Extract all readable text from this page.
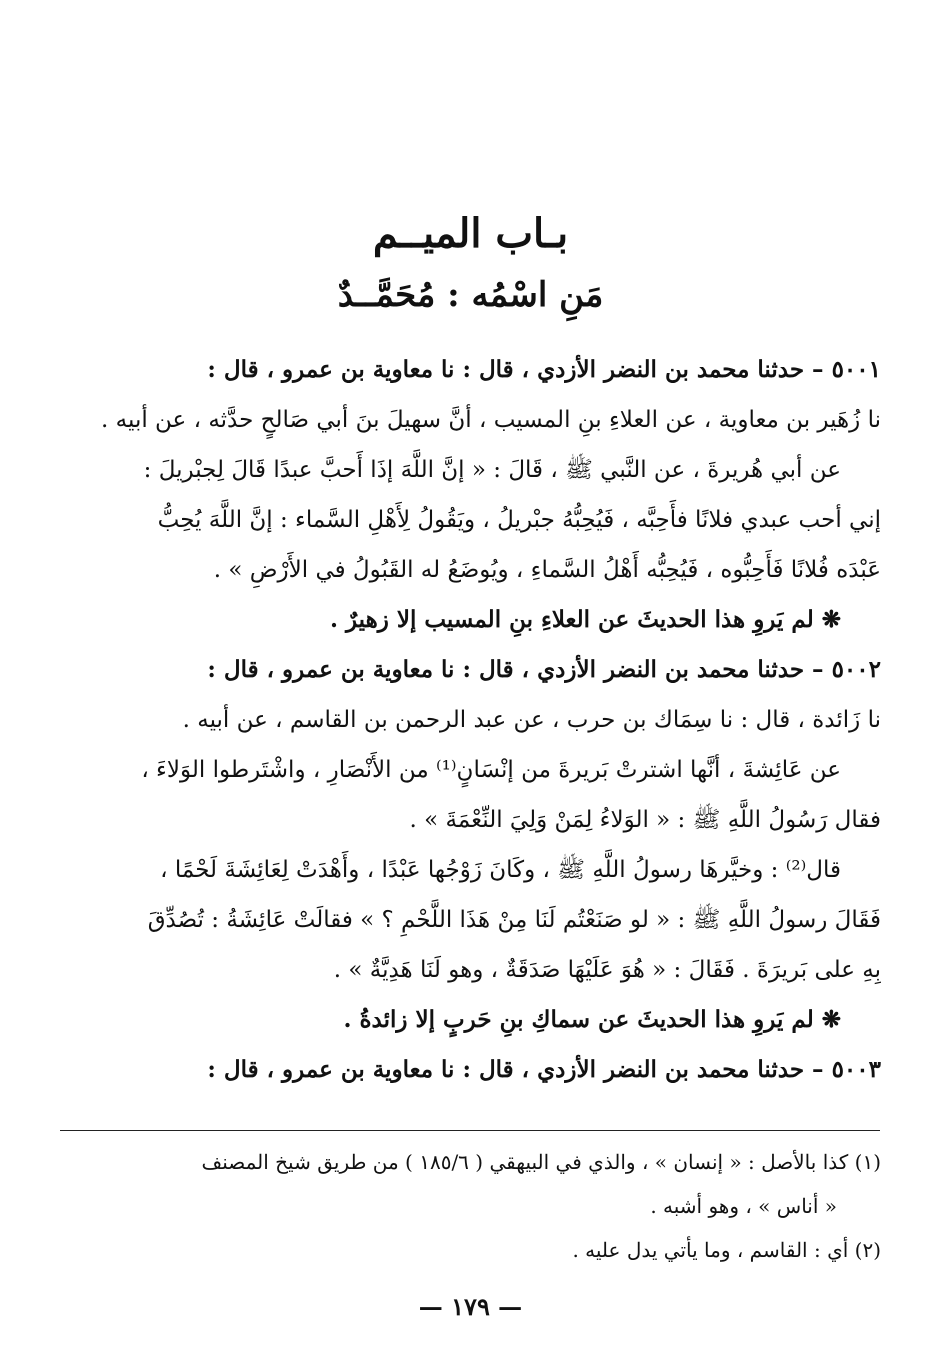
بـاب الميــم
مَنِ اسْمُه : مُحَمَّــدٌ
٥٠٠١ – حدثنا محمد بن النضر الأزدي ، قال : نا معاوية بن عمرو ، قال :
نا زُهَير بن معاوية ، عن العلاءِ بنِ المسيب ، أنَّ سهيلَ بنَ أبي صَالحٍ حدَّثه ، عن أبيه .
عن أبي هُريرةَ ، عن النَّبي ﷺ ، قَالَ : « إنَّ اللَّهَ إذَا أَحبَّ عبدًا قَالَ لِجبْريلَ :
إني أحب عبدي فلانًا فأَحِبَّه ، فَيُحِبُّهُ جبْريلُ ، ويَقُولُ لِأَهْلِ السَّماء : إنَّ اللَّهَ يُحِبُّ
عَبْدَه فُلانًا فَأَحِبُّوه ، فَيُحِبُّه أَهْلُ السَّماءِ ، ويُوضَعُ له القَبُولُ في الأَرْضِ » .
❋ لم يَروِ هذا الحديثَ عن العلاءِ بنِ المسيب إلا زهيرٌ .
٥٠٠٢ – حدثنا محمد بن النضر الأزدي ، قال : نا معاوية بن عمرو ، قال :
نا زَائدة ، قال : نا سِمَاك بن حرب ، عن عبد الرحمن بن القاسم ، عن أبيه .
عن عَائِشةَ ، أنَّها اشترتْ بَريرةَ من إنْسَانٍ⁽¹⁾ من الأَنْصَارِ ، واشْتَرطوا الوَلاءَ ،
فقال رَسُولُ اللَّهِ ﷺ : « الوَلاءُ لِمَنْ وَلِيَ النِّعْمَةَ » .
قال⁽²⁾ : وخيَّرهَا رسولُ اللَّهِ ﷺ ، وكَانَ زَوْجُها عَبْدًا ، وأَهْدَتْ لِعَائِشَةَ لَحْمًا ،
فَقَالَ رسولُ اللَّهِ ﷺ : « لو صَنَعْتُم لَنَا مِنْ هَذَا اللَّحْمِ ؟ » فقالَتْ عَائِشَةُ : تُصُدِّقَ
بِهِ على بَريرَةَ . فَقَالَ : « هُوَ عَلَيْهَا صَدَقَةٌ ، وهو لَنَا هَدِيَّةٌ » .
❋ لم يَروِ هذا الحديثَ عن سماكِ بنِ حَربٍ إلا زائدةُ .
٥٠٠٣ – حدثنا محمد بن النضر الأزدي ، قال : نا معاوية بن عمرو ، قال :
(١) كذا بالأصل : « إنسان » ، والذي في البيهقي ( ١٨٥/٦ ) من طريق شيخ المصنف
« أناس » ، وهو أشبه .
(٢) أي : القاسم ، وما يأتي يدل عليه .
— ١٧٩ —
